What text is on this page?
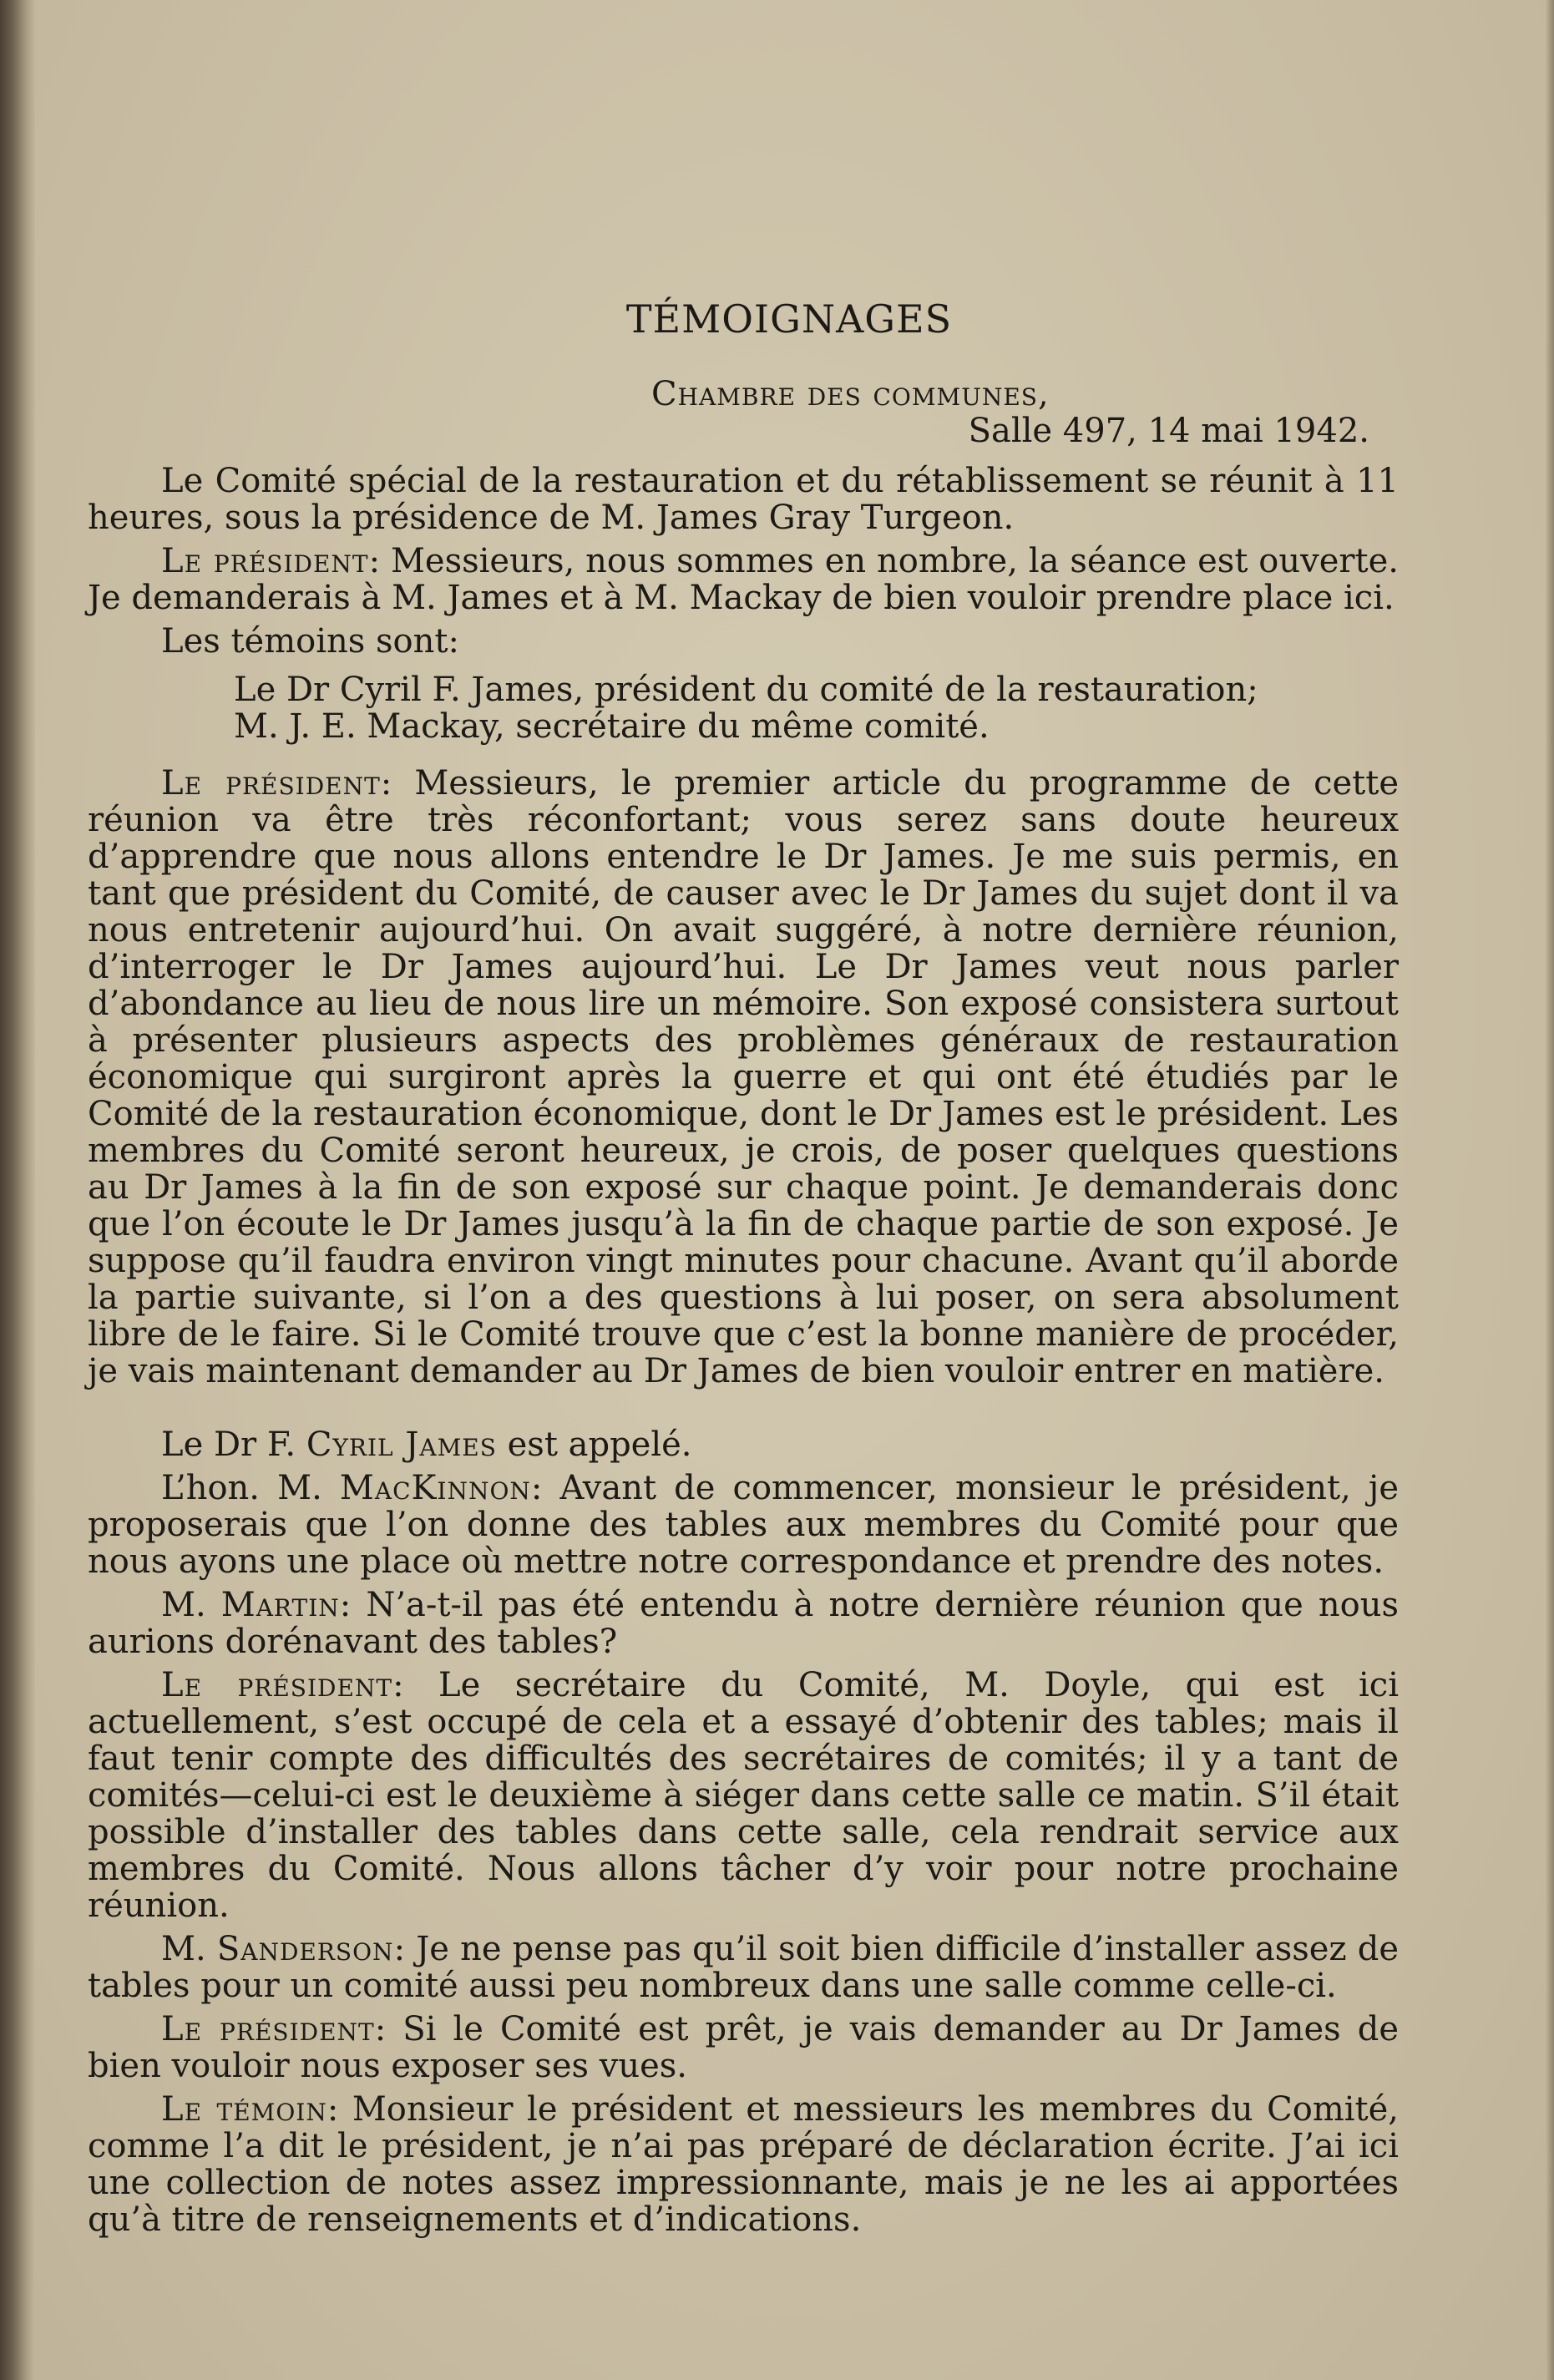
TÉMOIGNAGES
Chambre des communes,
Salle 497, 14 mai 1942.

Le Comité spécial de la restauration et du rétablissement se réunit à 11 heures, sous la présidence de M. James Gray Turgeon.

Le président: Messieurs, nous sommes en nombre, la séance est ouverte. Je demanderais à M. James et à M. Mackay de bien vouloir prendre place ici.

Les témoins sont:

Le Dr Cyril F. James, président du comité de la restauration;
M. J. E. Mackay, secrétaire du même comité.

Le président: Messieurs, le premier article du programme de cette réunion va être très réconfortant; vous serez sans doute heureux d’apprendre que nous allons entendre le Dr James. Je me suis permis, en tant que président du Comité, de causer avec le Dr James du sujet dont il va nous entretenir aujourd’hui. On avait suggéré, à notre dernière réunion, d’interroger le Dr James aujourd’hui. Le Dr James veut nous parler d’abondance au lieu de nous lire un mémoire. Son exposé consistera surtout à présenter plusieurs aspects des problèmes généraux de restauration économique qui surgiront après la guerre et qui ont été étudiés par le Comité de la restauration économique, dont le Dr James est le président. Les membres du Comité seront heureux, je crois, de poser quelques questions au Dr James à la fin de son exposé sur chaque point. Je demanderais donc que l’on écoute le Dr James jusqu’à la fin de chaque partie de son exposé. Je suppose qu’il faudra environ vingt minutes pour chacune. Avant qu’il aborde la partie suivante, si l’on a des questions à lui poser, on sera absolument libre de le faire. Si le Comité trouve que c’est la bonne manière de procéder, je vais maintenant demander au Dr James de bien vouloir entrer en matière.

Le Dr F. Cyril James est appelé.

L’hon. M. MacKinnon: Avant de commencer, monsieur le président, je proposerais que l’on donne des tables aux membres du Comité pour que nous ayons une place où mettre notre correspondance et prendre des notes.

M. Martin: N’a-t-il pas été entendu à notre dernière réunion que nous aurions dorénavant des tables?

Le président: Le secrétaire du Comité, M. Doyle, qui est ici actuellement, s’est occupé de cela et a essayé d’obtenir des tables; mais il faut tenir compte des difficultés des secrétaires de comités; il y a tant de comités—celui-ci est le deuxième à siéger dans cette salle ce matin. S’il était possible d’installer des tables dans cette salle, cela rendrait service aux membres du Comité. Nous allons tâcher d’y voir pour notre prochaine réunion.

M. Sanderson: Je ne pense pas qu’il soit bien difficile d’installer assez de tables pour un comité aussi peu nombreux dans une salle comme celle-ci.

Le président: Si le Comité est prêt, je vais demander au Dr James de bien vouloir nous exposer ses vues.

Le témoin: Monsieur le président et messieurs les membres du Comité, comme l’a dit le président, je n’ai pas préparé de déclaration écrite. J’ai ici une collection de notes assez impressionnante, mais je ne les ai apportées qu’à titre de renseignements et d’indications.
